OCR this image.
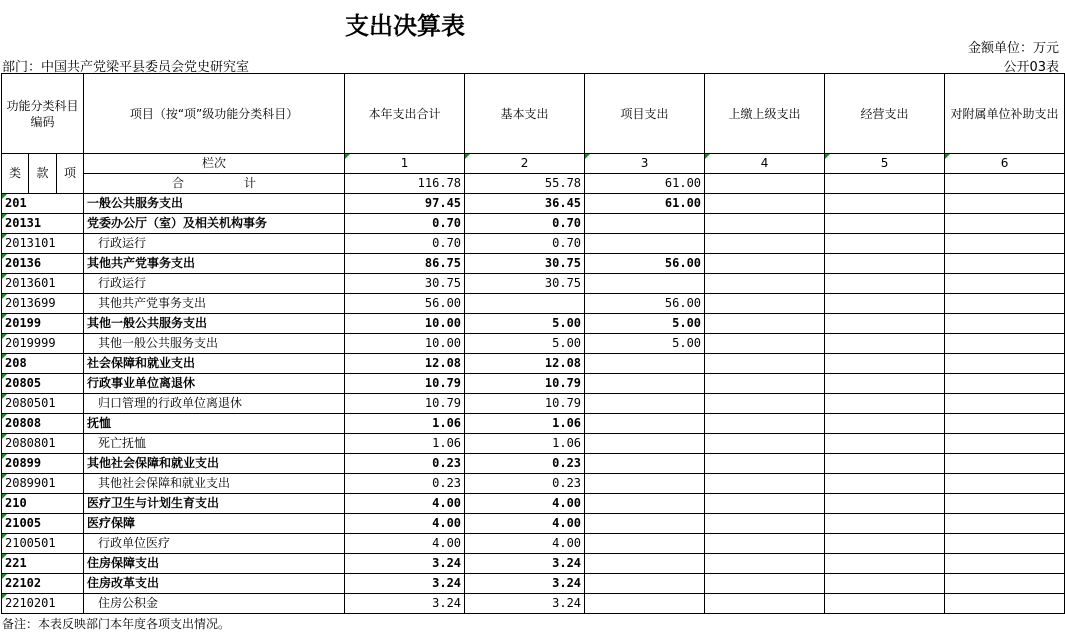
支出决算表
金额单位：万元
部门：中国共产党梁平县委员会党史研究室	公开03表
功能分类科目编码			项目（按“项”级功能分类科目）	本年支出合计	基本支出	项目支出	上缴上级支出	经营支出	对附属单位补助支出
类	款	项	栏次	1	2	3	4	5	6
			合　　　　　计	116.78	55.78	61.00			
201			一般公共服务支出	97.45	36.45	61.00			
20131			党委办公厅（室）及相关机构事务	0.70	0.70				
2013101			行政运行	0.70	0.70				
20136			其他共产党事务支出	86.75	30.75	56.00			
2013601			行政运行	30.75	30.75				
2013699			其他共产党事务支出	56.00		56.00			
20199			其他一般公共服务支出	10.00	5.00	5.00			
2019999			其他一般公共服务支出	10.00	5.00	5.00			
208			社会保障和就业支出	12.08	12.08				
20805			行政事业单位离退休	10.79	10.79				
2080501			归口管理的行政单位离退休	10.79	10.79				
20808			抚恤	1.06	1.06				
2080801			死亡抚恤	1.06	1.06				
20899			其他社会保障和就业支出	0.23	0.23				
2089901			其他社会保障和就业支出	0.23	0.23				
210			医疗卫生与计划生育支出	4.00	4.00				
21005			医疗保障	4.00	4.00				
2100501			行政单位医疗	4.00	4.00				
221			住房保障支出	3.24	3.24				
22102			住房改革支出	3.24	3.24				
2210201			住房公积金	3.24	3.24				
备注：本表反映部门本年度各项支出情况。
